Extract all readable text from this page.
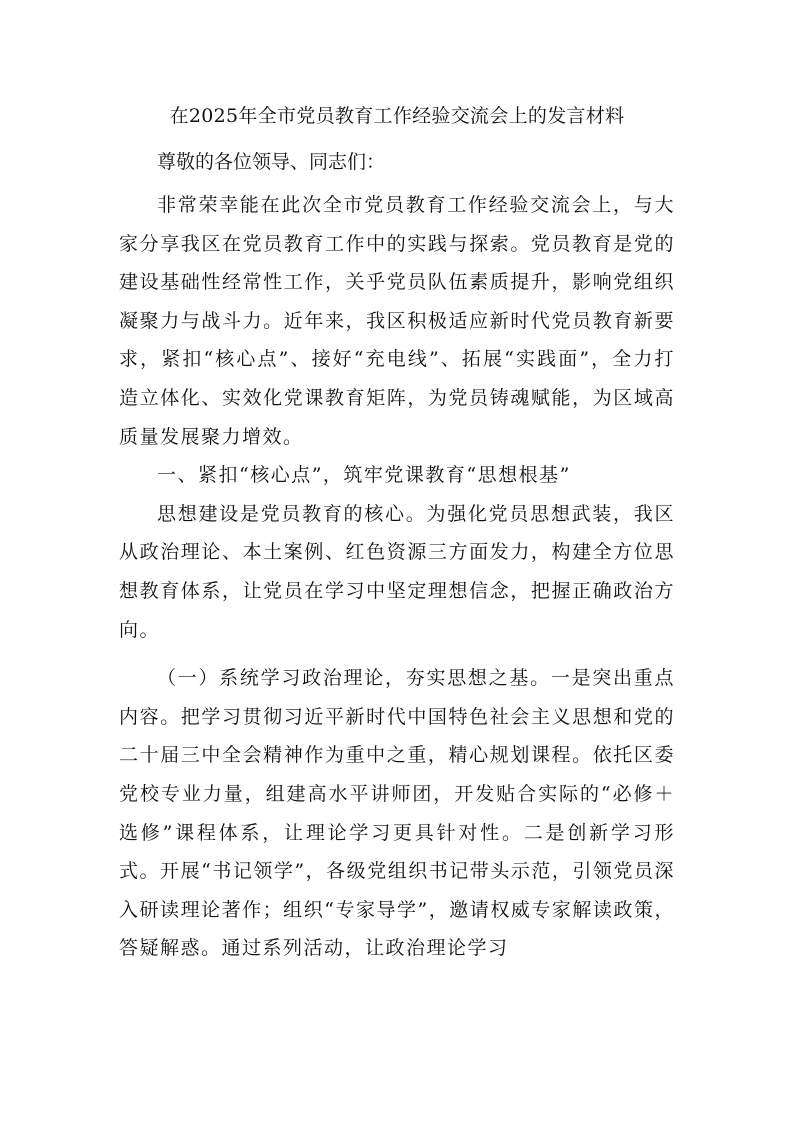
在2025年全市党员教育工作经验交流会上的发言材料

尊敬的各位领导、同志们：

非常荣幸能在此次全市党员教育工作经验交流会上，与大家分享我区在党员教育工作中的实践与探索。党员教育是党的建设基础性经常性工作，关乎党员队伍素质提升，影响党组织凝聚力与战斗力。近年来，我区积极适应新时代党员教育新要求，紧扣“核心点”、接好“充电线”、拓展“实践面”，全力打造立体化、实效化党课教育矩阵，为党员铸魂赋能，为区域高质量发展聚力增效。

一、紧扣“核心点”，筑牢党课教育“思想根基”

思想建设是党员教育的核心。为强化党员思想武装，我区从政治理论、本土案例、红色资源三方面发力，构建全方位思想教育体系，让党员在学习中坚定理想信念，把握正确政治方向。

（一）系统学习政治理论，夯实思想之基。一是突出重点内容。把学习贯彻习近平新时代中国特色社会主义思想和党的二十届三中全会精神作为重中之重，精心规划课程。依托区委党校专业力量，组建高水平讲师团，开发贴合实际的“必修＋选修”课程体系，让理论学习更具针对性。二是创新学习形式。开展“书记领学”，各级党组织书记带头示范，引领党员深入研读理论著作；组织“专家导学”，邀请权威专家解读政策，答疑解惑。通过系列活动，让政治理论学习
